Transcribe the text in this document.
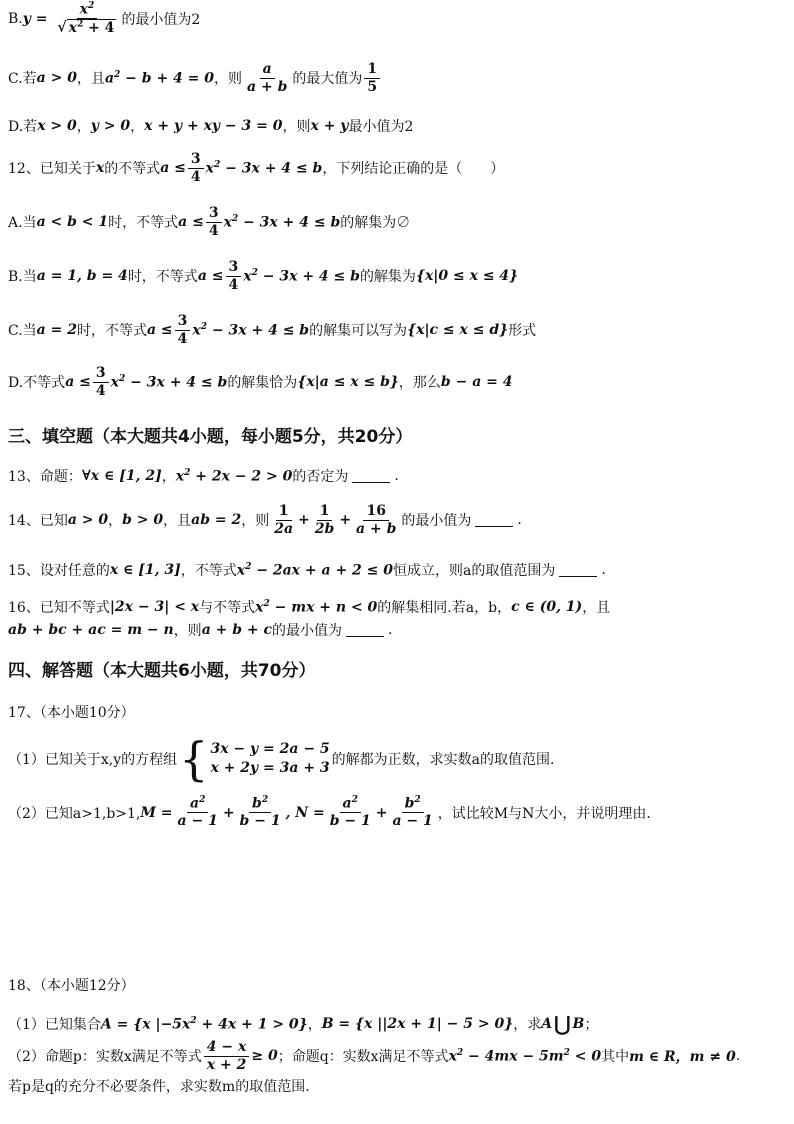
B. $y = \frac{x^2}{√ x^2 + 4}$ 的最小值为2
C.若 a > 0 ，且 $a^2 - b + 4 = 0$ ，则 $\frac{a}{a + b}$ 的最大值为 $\frac{1}{5}$
D.若 x > 0 ， y > 0 ， x + y + xy − 3 = 0 ，则 x + y 最小值为2
12、已知关于 x 的不等式 $a \le \frac{3}{4} x^2 - 3x + 4 \le b$ ，下列结论正确的是（　　）
A.当 a < b < 1 时，不等式 $a \le \frac{3}{4} x^2 - 3x + 4 \le b$ 的解集为∅
B.当 a = 1, b = 4 时，不等式 $a \le \frac{3}{4} x^2 - 3x + 4 \le b$ 的解集为 {x|0 ≤ x ≤ 4}
C.当 a = 2 时，不等式 $a \le \frac{3}{4} x^2 - 3x + 4 \le b$ 的解集可以写为 {x|c ≤ x ≤ d} 形式
D.不等式 $a \le \frac{3}{4} x^2 - 3x + 4 \le b$ 的解集恰为 {x|a ≤ x ≤ b} ，那么 b − a = 4
三、填空题（本大题共4小题，每小题5分，共20分）
13、命题： ∀x ∈ [1, 2] ， $x^2 + 2x - 2 > 0$ 的否定为	.
14、已知 a > 0 ， b > 0 ，且 ab = 2 ，则 $\frac{1}{2a} + \frac{1}{2b} + \frac{16}{a + b}$ 的最小值为	.
15、设对任意的 x ∈ [1, 3] ，不等式 $x^2 - 2ax + a + 2 \le 0$ 恒成立，则a的取值范围为	.
16、已知不等式 |2x − 3| < x 与不等式 $x^2$ − mx + n < 0 的解集相同.若a，b， c ∈ (0, 1) ，且
ab + bc + ac = m − n ，则 a + b + c 的最小值为	.
四、解答题（本大题共6小题，共70分）
17、（本小题10分）
（1）已知关于x,y的方程组 { 3x − y = 2a − 5
x + 2y = 3a + 3 的解都为正数，求实数a的取值范围.
（2）已知a>1,b>1, $M = \frac{a^2}{a - 1} + \frac{b^2}{b - 1}$ , $N = \frac{a^2}{b - 1} + \frac{b^2}{a - 1}$ ，试比较M与N大小，并说明理由.
18、（本小题12分）
（1）已知集合 A = {x $|-5x^2 + 4x + 1 > 0$} ， B = {x ||2x + 1| − 5 > 0} ，求 A ⋃ B ；
（2）命题p：实数x满足不等式 $\frac{4 - x}{x + 2} \ge 0$ ；命题q：实数x满足不等式 $x^2 - 4mx - 5m^2 < 0$ 其中 m ∈ R，m ≠ 0 .
若p是q的充分不必要条件，求实数m的取值范围.
